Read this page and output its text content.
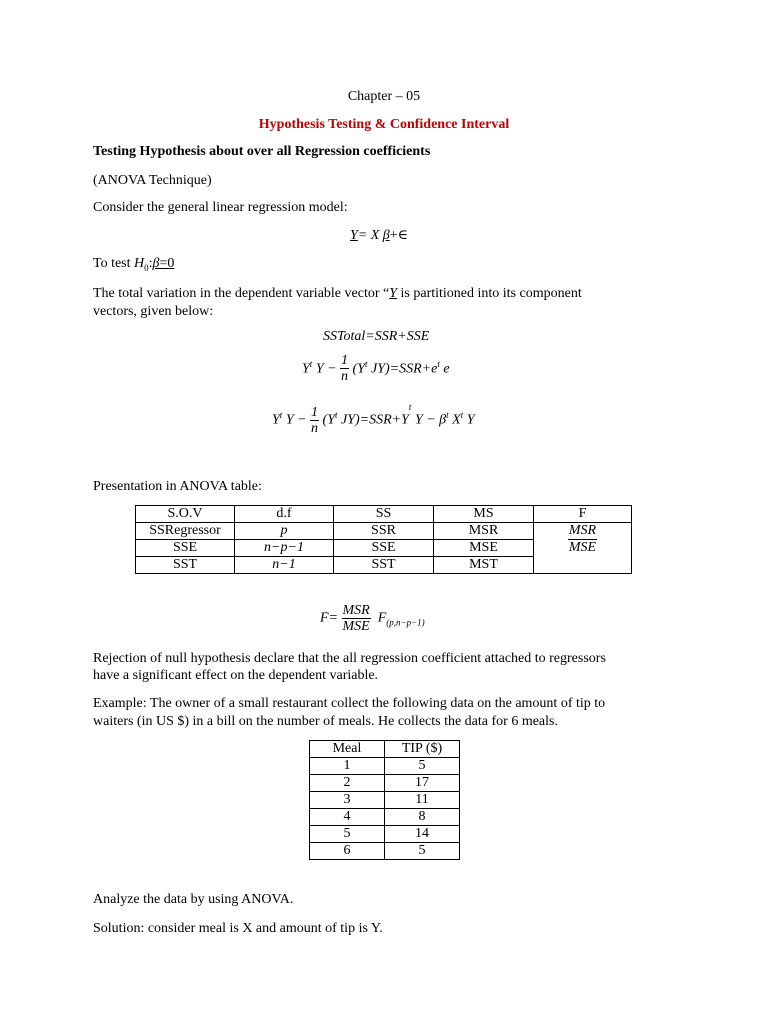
Chapter – 05
Hypothesis Testing & Confidence Interval
Testing Hypothesis about over all Regression coefficients
(ANOVA Technique)
Consider the general linear regression model:
Y= X β+∈
To test $H_0:\beta=0$
The total variation in the dependent variable vector “Y is partitioned into its component
vectors, given below:
SSTotal=SSR+SSE
$Y^t$ $Y - \frac{1}{n} (Y^t$ $JY)=SSR+e^t$ e
$Y^t$ $Y - \frac{1}{n} (Y^t$ $JY)=SSR+Y^t$ $Y - \beta^t$ $X^t$ Y
Presentation in ANOVA table:
S.O.V	d.f	SS	MS	F
SSRegressor	p	SSR	MSR	MSR
MSE

SSE	n−p−1	SSE	MSE	
SST	n−1	SST	MST	
$F= \frac{\text{MSR}}{\text{MSE}} F_{(p,n-p-1)}$
Rejection of null hypothesis declare that the all regression coefficient attached to regressors
have a significant effect on the dependent variable.
Example: The owner of a small restaurant collect the following data on the amount of tip to
waiters (in US $) in a bill on the number of meals. He collects the data for 6 meals.
Meal	TIP ($)
1	5
2	17
3	11
4	8
5	14
6	5
Analyze the data by using ANOVA.
Solution: consider meal is X and amount of tip is Y.
